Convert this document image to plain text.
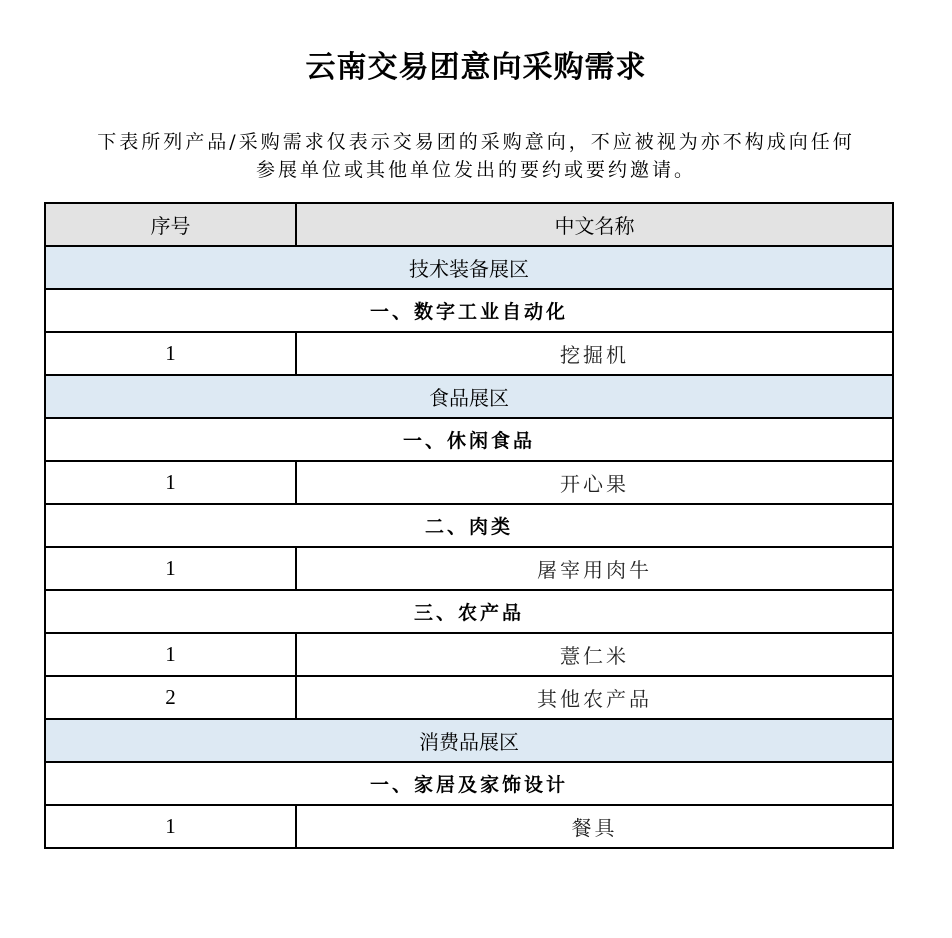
云南交易团意向采购需求
下表所列产品/采购需求仅表示交易团的采购意向，不应被视为亦不构成向任何
参展单位或其他单位发出的要约或要约邀请。
序号	中文名称
技术装备展区	
一、数字工业自动化	
1	挖掘机
食品展区	
一、休闲食品	
1	开心果
二、肉类	
1	屠宰用肉牛
三、农产品	
1	薏仁米
2	其他农产品
消费品展区	
一、家居及家饰设计	
1	餐具
